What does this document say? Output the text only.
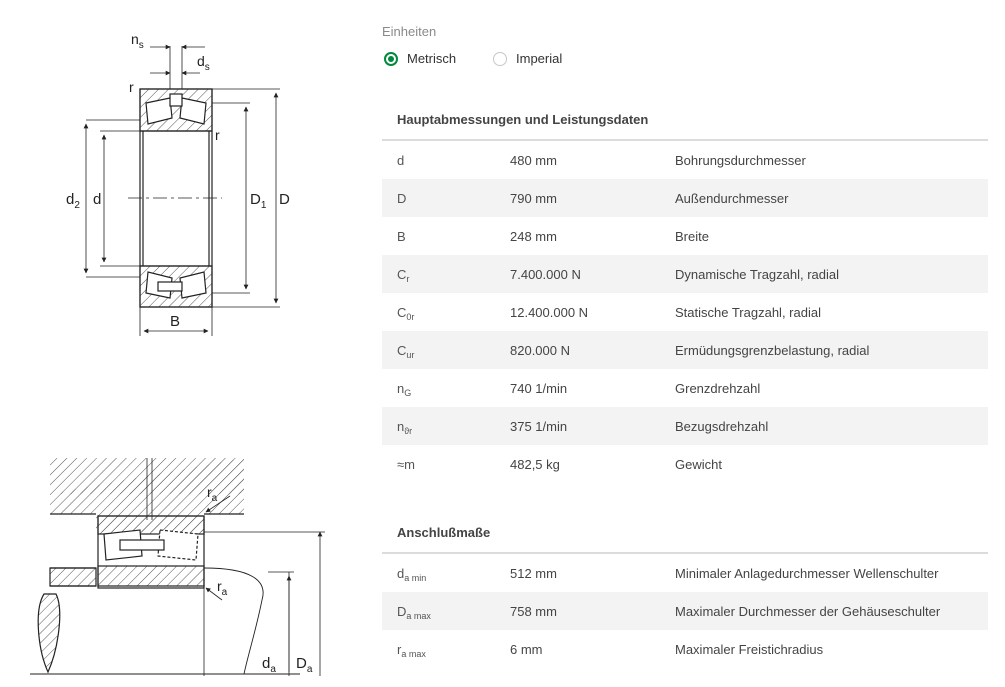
$n_s$
$d_s$
r
r
$d_2$ d	$D_1$ D
B
$r_a$
$r_a$
$d_a$ $D_a$
Einheiten
Metrisch	Imperial
Hauptabmessungen und Leistungsdaten
d	480 mm	Bohrungsdurchmesser
D	790 mm	Außendurchmesser
B	248 mm	Breite
$C_r$	7.400.000 N	Dynamische Tragzahl, radial
$C_{0r}$	12.400.000 N	Statische Tragzahl, radial
$C_{ur}$	820.000 N	Ermüdungsgrenzbelastung, radial
$n_G$	740 1/min	Grenzdrehzahl
$n_{ϑr}$	375 1/min	Bezugsdrehzahl
≈m	482,5 kg	Gewicht
Anschlußmaße
$d_{a min}$	512 mm	Minimaler Anlagedurchmesser Wellenschulter
$D_{a max}$	758 mm	Maximaler Durchmesser der Gehäuseschulter
$r_{a max}$	6 mm	Maximaler Freistichradius
